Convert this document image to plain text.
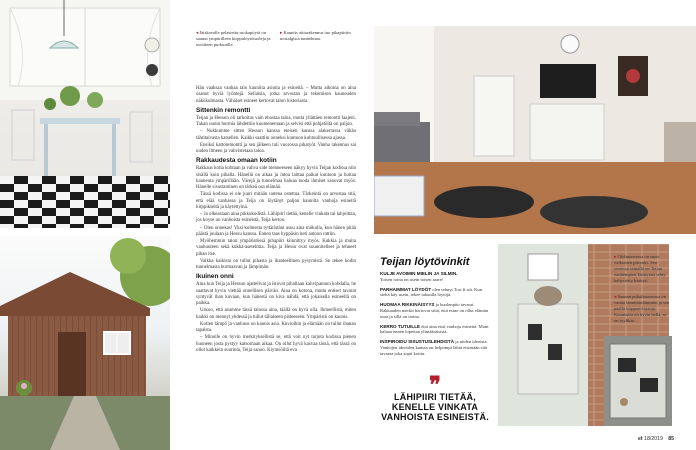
◂ Jätskavalle pelastettu ruokapöytä on saanut ympärilleen kirppulöytötuoleja ja osoitteen purkuuille.
▸ Kauniis aittarakennus tuo pihapiiriin nostalgista tunnelmaa.

Hän vaaksaa vanhaa talo kauniita asioita ja esineitä. – Mutta aikoina on aina osanut hyviä lyöntejä. Sellaisia, jotka arvostan ja tekemisen kauneuden näkökulmasta. Vähäiset esineet kertovat talon historiasta.

Sittenkin remontti

Teijan ja Hessun oli tarkoitus vain ehostaa taloa, mutta yllättäen remontti laajeni. Takan uunin hormia lähdettiin kuumenemaan ja selvisi että pohjatöitä on paljon.

– Nukkumme sitten Hessun kanssa eteisen kanssa alakerrassa vähän tähtitaivasta katsellen. Kaikki saattiin onneksi kuntoon kohtuullisessa ajassa.

Ensiksi kattoremontti ja sen jälkeen tuli vuorossa pihatyöt. Vanha rakennus sai uuden ilmeen ja vahvistetaan taloa.

Rakkaudesta omaan kotiin

Rakkaus kotia kohtaan ja vahva side menneeseen näkyy hyvin Teijan kodissa niin sisällä kuin pihalla. Hänellä on aikaa ja intoa laittaa paikat kuntoon ja hoitaa kauneuta ympärillään. Värejä ja tunnelmaa haluaa tuoda ihmiset sanovat myös. Hänelle sisustaminen on tärkeä osa elämää.

Tässä kodissa ei ole juuri mitään uutena ostettua. Tärkeintä on arvostaa sitä, että elää vanhassa ja Teija on löytänyt paljon kauniita vanhoja esineitä kirppikseltä ja käytettyinä.

– Ja oikeastaan aina pikkukodistä. Lähipiiri tietää, kenelle vinkata tai lahjoittaa, jos koyse on vanhoista esineistä, Teija kertoo.

– Olen onnekas! Yksi kolmesta tyttäristäni asuu aina mökulla, kun hänen pitää päästä joulaan ja Hessu kanssa. Ennen taas hyppäsin heti autoon rattiin.

Myöhemmin talon ympäristössä pihapiiri kiinnittyy myös. Kukkia ja muita vanhuuteen sekä kukka-asetelmia. Teija ja Hessu ovat suunnitelleet ja tehneet pihan itse.

Vaikka kaikista on tullut pihasta ja ihanteellinen pysymistä. Se tekee kodin tunnelmasta hurmaavan ja lämpimän.

Ikuinen onni

Aina kun Teija ja Hessun ajattelivat ja istuvat pihallaan kahvipannun kohdalla, he saattavat hyvin viettää onnellisen päivän. Aina on kotona, mutta entiset tavarat syntyvät ihan kuvaan, kun hänestä on kiva nähdä, että jokaisella esineellä on paikka.

Uskoo, että asumme tässä talossa aina, täällä on hyvä olla. Ihmeellistä, miten kaikki on mennyt yhdessä ja tullut tällaiseen pisteeseen. Ympäristö on kaunis.

Kotien lämpö ja vanhuus on kaunis asia. Kuvioihin ja elämään on tullut ihanan tapaista.

– Minulle on hyvin merkityksellistä se, että voit nyt tarjota kodissa pienen huoneen josta pystyy katsomaan aikaa. On ollut hyvä kasvaa tässä, että tässä on ollut kaikkein suurinta, Teija sanoo. Kiymsöillä eva

Teijan löytövinkit
KULJE AVOIMIN MIELIN JA SILMIN.
Toisen roina on usein toisen aarre!
PARHAIMMAT LÖYDÖT olen tehnyt Tori.fi:stä. Kun sieltä käy usein, tekee takuulla löytöjä.
HUOMAA RIKKINÄISYYS ja huolenpito tavarat. Rakkauden merkit kertovat siitä, että esine on ollut elämän osaa ja sillä on tarina.
KERRO TUTUILLE että aina etsit vanhoja esineitä. Moni haluaa ennen lopettaa ylimääräisistä.
INSPIROIDU SISUSTUSLEHDISTÄ ja niiden ideoista. Vanhojen ideoiden kanssa on helpompi lähtä etsimään sitä tavaraa joka sopii kotiin.
❞
LÄHIPIIRI TIETÄÄ, KENELLE VINKATA VANHOISTA ESINEISTÄ.
▸ Olohuoneessa on suuri valkoinen piironki. Sen vieressä seinällä on Teijan vanhempien käsityönä tehty kehystetty käsityö.
◂ Saunan pukuhuoneessa on vanha lämmöinlämmön ja sen päällä kirppari-löytöjä. Kauneutta on hyvin hellä, se on tyylikäs.
et 18/2019 85
